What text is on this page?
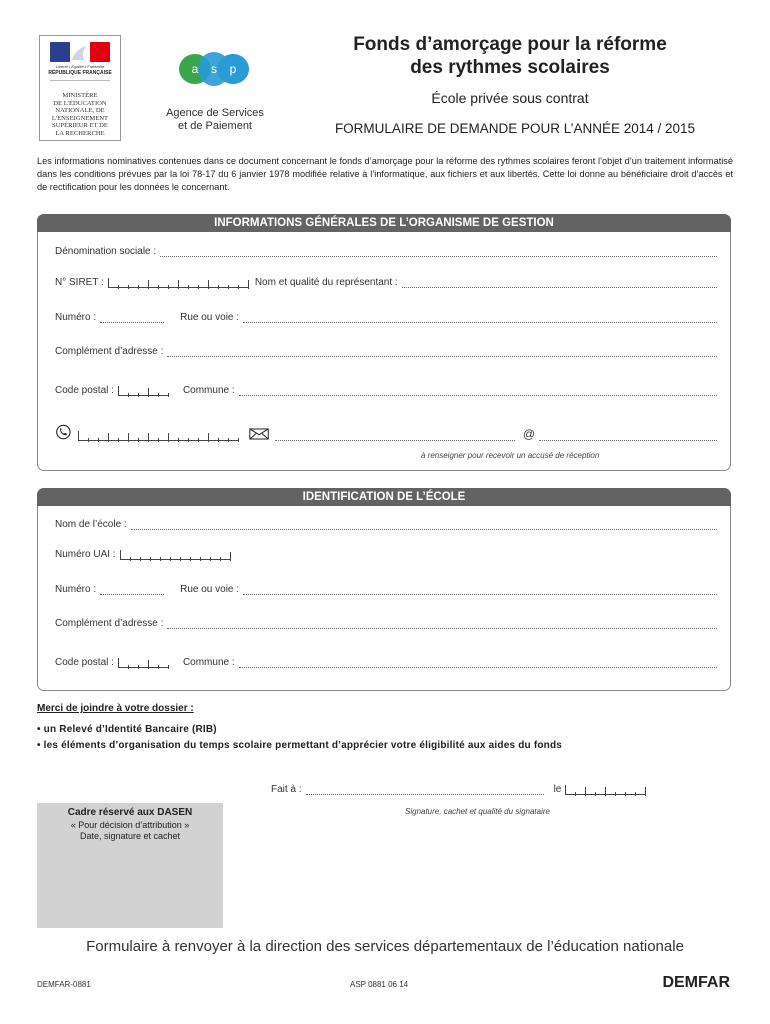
Liberté • Égalité • Fraternité
RÉPUBLIQUE FRANÇAISE
MINISTÈRE
DE L'ÉDUCATION
NATIONALE, DE
L'ENSEIGNEMENT
SUPÉRIEUR ET DE
LA RECHERCHE
a s p
Agence de Services
et de Paiement
Fonds d’amorçage pour la réforme
des rythmes scolaires
École privée sous contrat
FORMULAIRE DE DEMANDE POUR L’ANNÉE 2014 / 2015
Les informations nominatives contenues dans ce document concernant le fonds d’amorçage pour la réforme des rythmes scolaires feront l’objet d’un traitement informatisé dans les conditions prévues par la loi 78-17 du 6 janvier 1978 modifiée relative à l’informatique, aux fichiers et aux libertés. Cette loi donne au bénéficiaire droit d’accès et de rectification pour les données le concernant.
INFORMATIONS GÉNÉRALES DE L’ORGANISME DE GESTION
Dénomination sociale :
N° SIRET :	Nom et qualité du représentant :
Numéro :	Rue ou voie :
Complément d’adresse :
Code postal :	Commune :
@
à renseigner pour recevoir un accusé de réception
IDENTIFICATION DE L’ÉCOLE
Nom de l’école :
Numéro UAI :
Numéro :	Rue ou voie :
Complément d’adresse :
Code postal :	Commune :
Merci de joindre à votre dossier :
• un Relevé d’Identité Bancaire (RIB)
• les éléments d’organisation du temps scolaire permettant d’apprécier votre éligibilité aux aides du fonds
Fait à :	le
Signature, cachet et qualité du signataire
Cadre réservé aux DASEN
« Pour décision d’attribution »
Date, signature et cachet
Formulaire à renvoyer à la direction des services départementaux de l’éducation nationale
DEMFAR-0881	ASP 0881 06 14	DEMFAR
